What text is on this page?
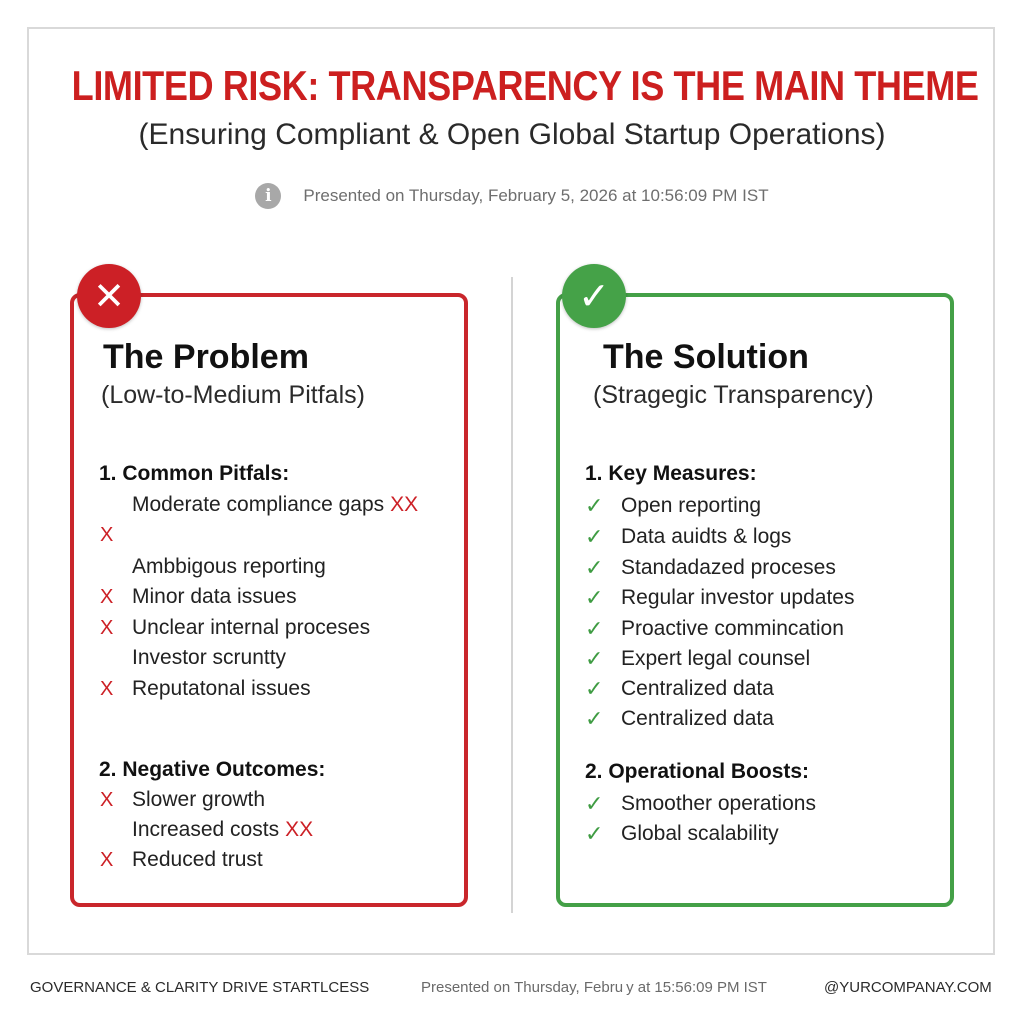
LIMITED RISK: TRANSPARENCY IS THE MAIN THEME
(Ensuring Compliant & Open Global Startup Operations)
i	Presented on Thursday, February 5, 2026 at 10:56:09 PM IST
✕
The Problem
(Low-to-Medium Pitfals)
1. Common Pitfals:
Moderate compliance gaps XX
X
Ambbigous reporting
X Minor data issues
X Unclear internal proceses
Investor scruntty
X Reputatonal issues
2. Negative Outcomes:
X Slower growth
Increased costs XX
X Reduced trust
✓
The Solution
(Stragegic Transparency)
1. Key Measures:
✓ Open reporting
✓ Data auidts & logs
✓ Standadazed proceses
✓ Regular investor updates
✓ Proactive commincation
✓ Expert legal counsel
✓ Centralized data
✓ Centralized data
2. Operational Boosts:
✓ Smoother operations
✓ Global scalability
GOVERNANCE & CLARITY DRIVE STARTLCESS	Presented on Thursday, Febru y at 15:56:09 PM IST	@YURCOMPANAY.COM
